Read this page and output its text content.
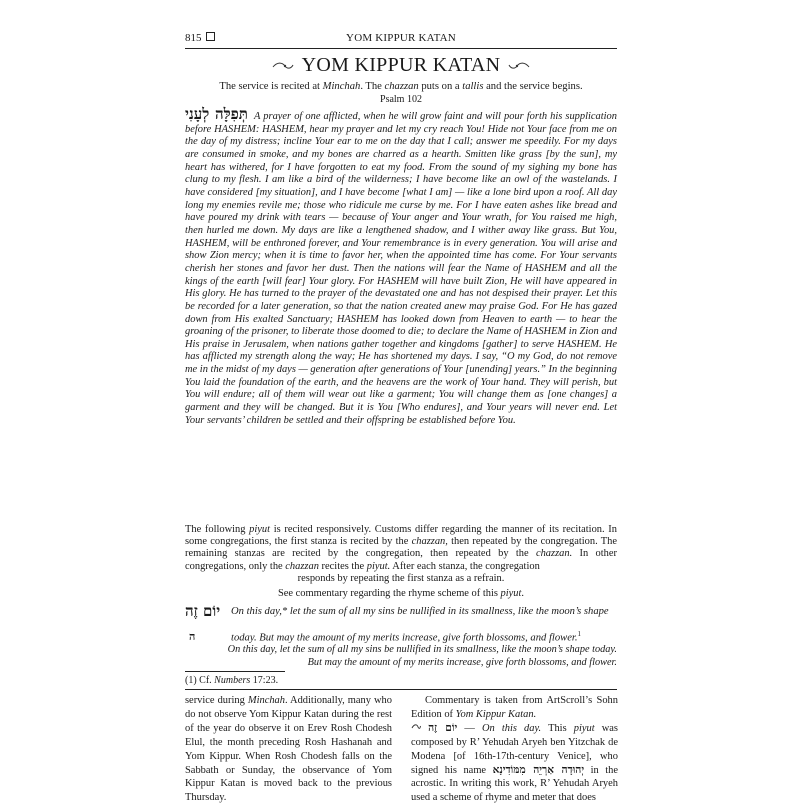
815	YOM KIPPUR KATAN
YOM KIPPUR KATAN
The service is recited at Minchah. The chazzan puts on a tallis and the service begins.
Psalm 102

תְּפִלָּה לְעָנִי A prayer of one afflicted, when he will grow faint and will pour forth his supplication before HASHEM: HASHEM, hear my prayer and let my cry reach You! Hide not Your face from me on the day of my distress; incline Your ear to me on the day that I call; answer me speedily. For my days are consumed in smoke, and my bones are charred as a hearth. Smitten like grass [by the sun], my heart has withered, for I have forgotten to eat my food. From the sound of my sighing my bone has clung to my flesh. I am like a bird of the wilderness; I have become like an owl of the wastelands. I have considered [my situation], and I have become [what I am] — like a lone bird upon a roof. All day long my enemies revile me; those who ridicule me curse by me. For I have eaten ashes like bread and have poured my drink with tears — because of Your anger and Your wrath, for You raised me high, then hurled me down. My days are like a lengthened shadow, and I wither away like grass. But You, HASHEM, will be enthroned forever, and Your remembrance is in every generation. You will arise and show Zion mercy; when it is time to favor her, when the appointed time has come. For Your servants cherish her stones and favor her dust. Then the nations will fear the Name of HASHEM and all the kings of the earth [will fear] Your glory. For HASHEM will have built Zion, He will have appeared in His glory. He has turned to the prayer of the devastated one and has not despised their prayer. Let this be recorded for a later generation, so that the nation created anew may praise God. For He has gazed down from His exalted Sanctuary; HASHEM has looked down from Heaven to earth — to hear the groaning of the prisoner, to liberate those doomed to die; to declare the Name of HASHEM in Zion and His praise in Jerusalem, when nations gather together and kingdoms [gather] to serve HASHEM. He has afflicted my strength along the way; He has shortened my days. I say, “O my God, do not remove me in the midst of my days — generation after generations of Your [unending] years.” In the beginning You laid the foundation of the earth, and the heavens are the work of Your hand. They will perish, but You will endure; all of them will wear out like a garment; You will change them as [one changes] a garment and they will be changed. But it is You [Who endures], and Your years will never end. Let Your servants’ children be settled and their offspring be established before You.

The following piyut is recited responsively. Customs differ regarding the manner of its recitation. In some congregations, the first stanza is recited by the chazzan, then repeated by the congregation. The remaining stanzas are recited by the congregation, then repeated by the chazzan. In other congregations, only the chazzan recites the piyut. After each stanza, the congregation

responds by repeating the first stanza as a refrain.
See commentary regarding the rhyme scheme of this piyut.
יוֹם זֶה On this day,* let the sum of all my sins be nullified in its smallness, like the moon’s shape

ה	today. But may the amount of my merits increase, give forth blossoms, and flower.$^1$

On this day, let the sum of all my sins be nullified in its smallness, like the moon’s shape today. But may the amount of my merits increase, give forth blossoms, and flower.

(1) Cf. Numbers 17:23.

service during Minchah. Additionally, many who do not observe Yom Kippur Katan during the rest of the year do observe it on Erev Rosh Chodesh Elul, the month preceding Rosh Hashanah and Yom Kippur. When Rosh Chodesh falls on the Sabbath or Sunday, the observance of Yom Kippur Katan is moved back to the previous Thursday.

Commentary is taken from ArtScroll’s Sohn Edition of Yom Kippur Katan.

יוֹם זֶה — On this day. This piyut was composed by R’ Yehudah Aryeh ben Yitzchak de Modena [of 16th-17th-century Venice], who signed his name יְהוּדָה אַרְיֵה מִמּוֹדִינָא in the acrostic. In writing this work, R’ Yehudah Aryeh used a scheme of rhyme and meter that does
